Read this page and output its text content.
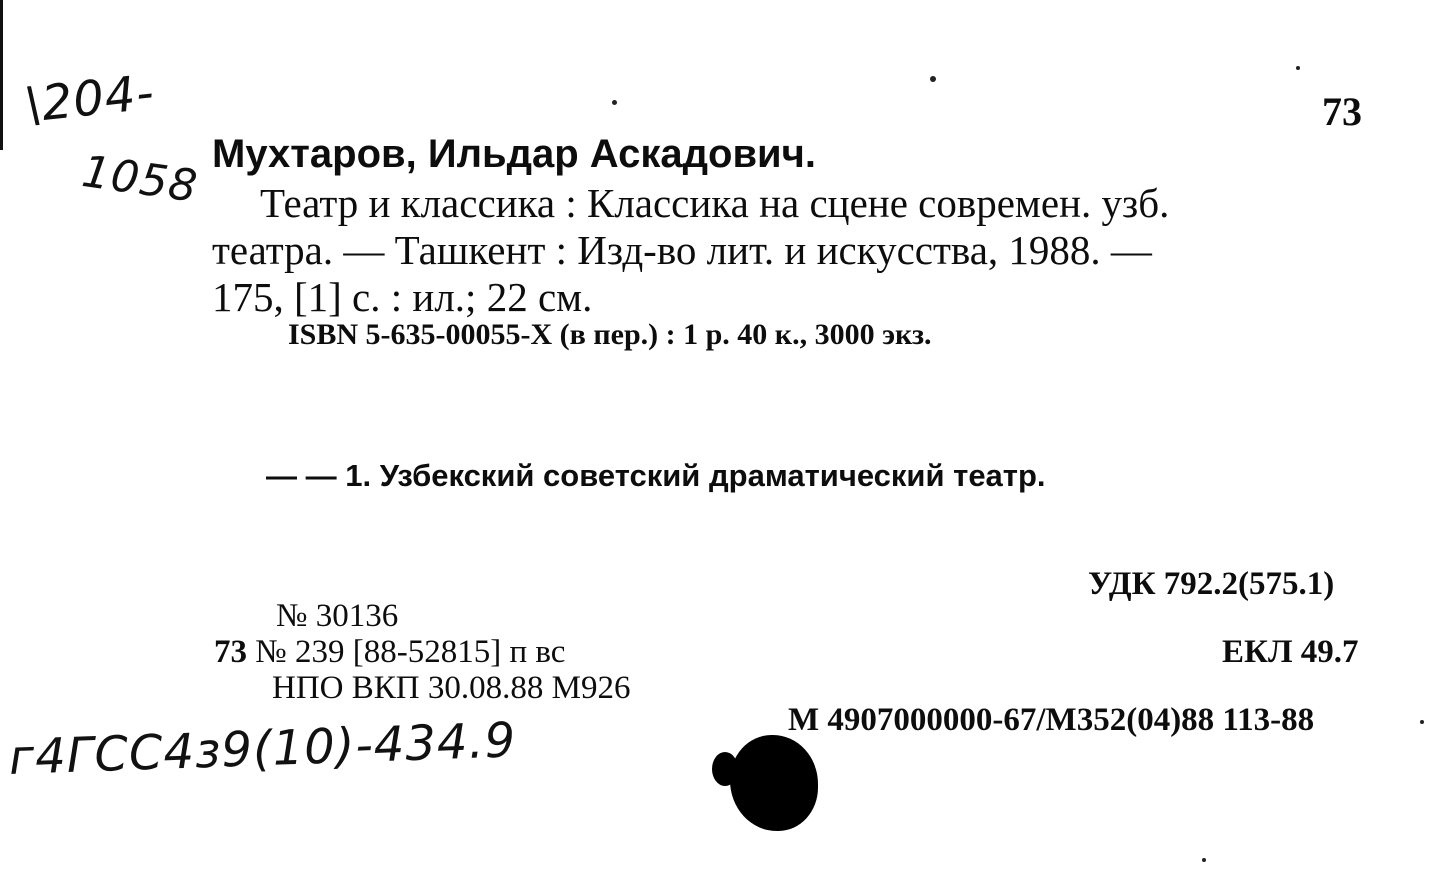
\204-
1058
73
Мухтаров, Ильдар Аскадович.
Театр и классика : Классика на сцене современ. узб.
театра. — Ташкент : Изд-во лит. и искусства, 1988. —
175, [1] с. : ил.; 22 см.
ISBN 5-635-00055-X (в пер.) : 1 р. 40 к., 3000 экз.
— — 1. Узбекский советский драматический театр.
УДК 792.2(575.1)
ЕКЛ 49.7
№ 30136
73 № 239 [88-52815] п вс
НПО ВКП 30.08.88 М926
М 4907000000-67/М352(04)88 113-88
г4ГСС4з9(10)-434.9
